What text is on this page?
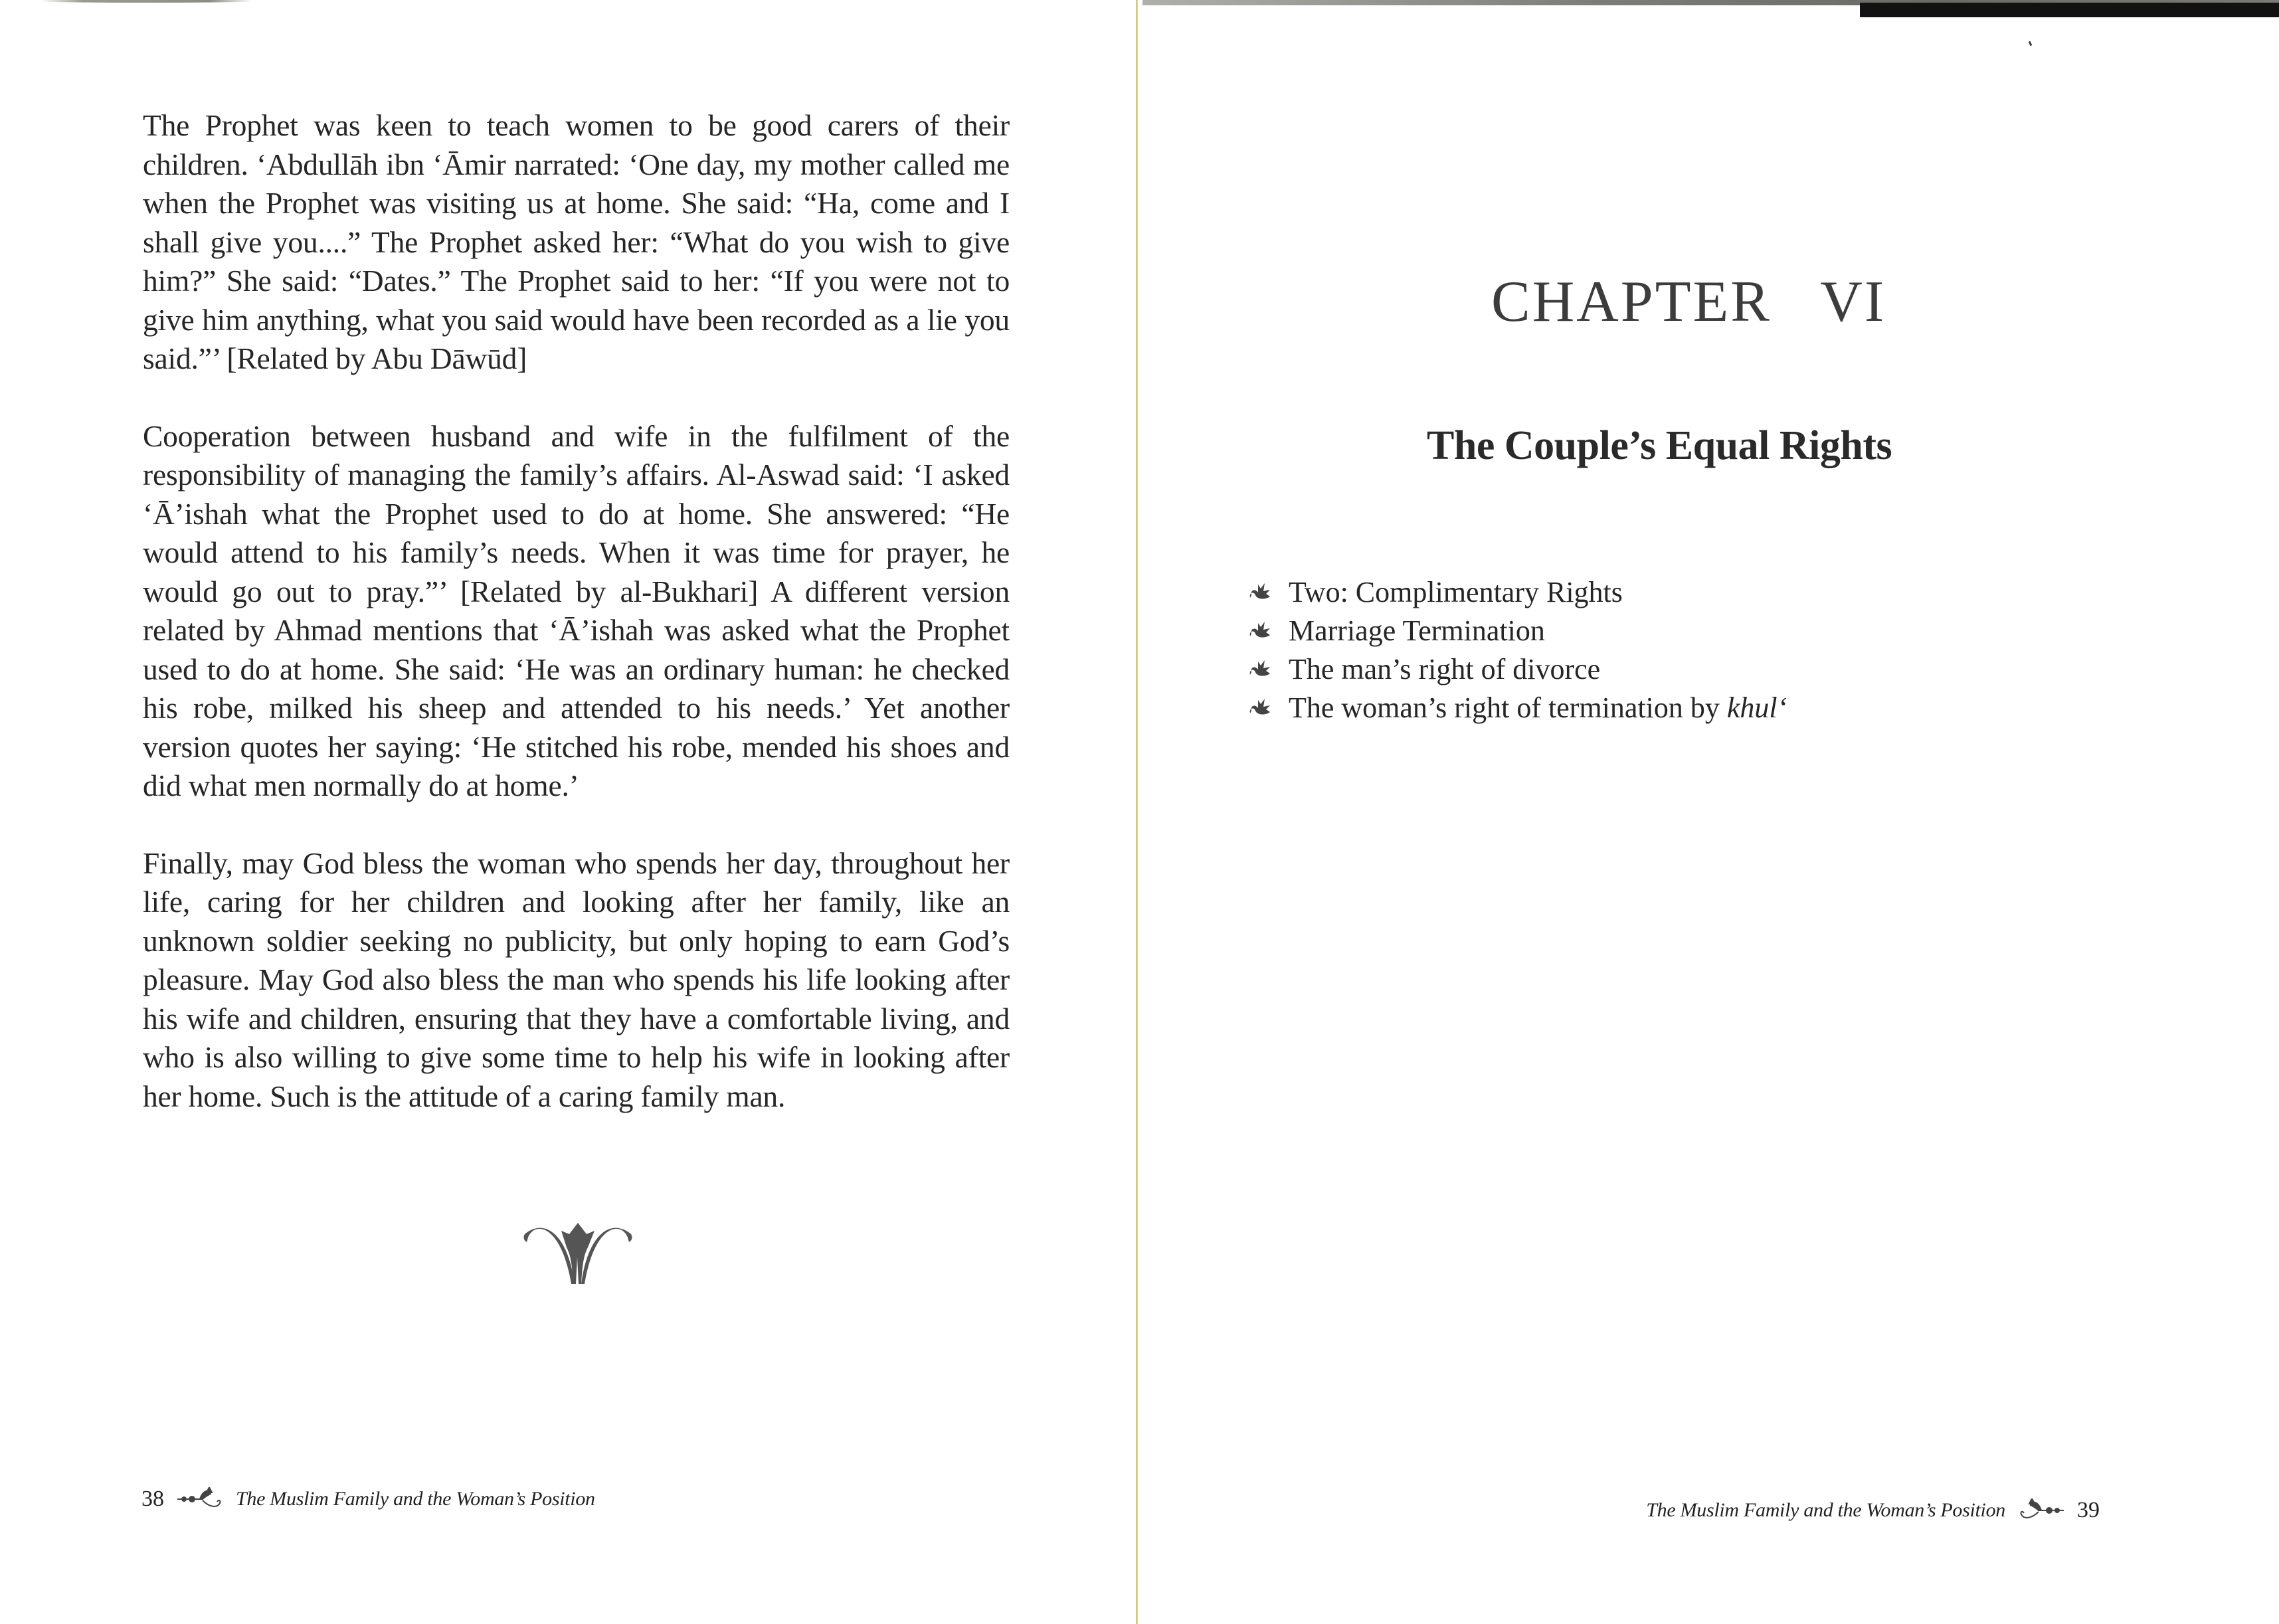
The Prophet was keen to teach women to be good carers of their children. ‘Abdullāh ibn ‘Āmir narrated: ‘One day, my mother called me when the Prophet was visiting us at home. She said: “Ha, come and I shall give you....” The Prophet asked her: “What do you wish to give him?” She said: “Dates.” The Prophet said to her: “If you were not to give him anything, what you said would have been recorded as a lie you said.”’ [Related by Abu Dāwūd]

Cooperation between husband and wife in the fulfilment of the responsibility of managing the family’s affairs. Al-Aswad said: ‘I asked ‘Ā’ishah what the Prophet used to do at home. She answered: “He would attend to his family’s needs. When it was time for prayer, he would go out to pray.”’ [Related by al-Bukhari] A different version related by Ahmad mentions that ‘Ā’ishah was asked what the Prophet used to do at home. She said: ‘He was an ordinary human: he checked his robe, milked his sheep and attended to his needs.’ Yet another version quotes her saying: ‘He stitched his robe, mended his shoes and did what men normally do at home.’

Finally, may God bless the woman who spends her day, throughout her life, caring for her children and looking after her family, like an unknown soldier seeking no publicity, but only hoping to earn God’s pleasure. May God also bless the man who spends his life looking after his wife and children, ensuring that they have a comfortable living, and who is also willing to give some time to help his wife in looking after her home. Such is the attitude of a caring family man.

38	The Muslim Family and the Woman’s Position
CHAPTER VI
The Couple’s Equal Rights
Two: Complimentary Rights
Marriage Termination
The man’s right of divorce
The woman’s right of termination by khul‘
The Muslim Family and the Woman’s Position	39
